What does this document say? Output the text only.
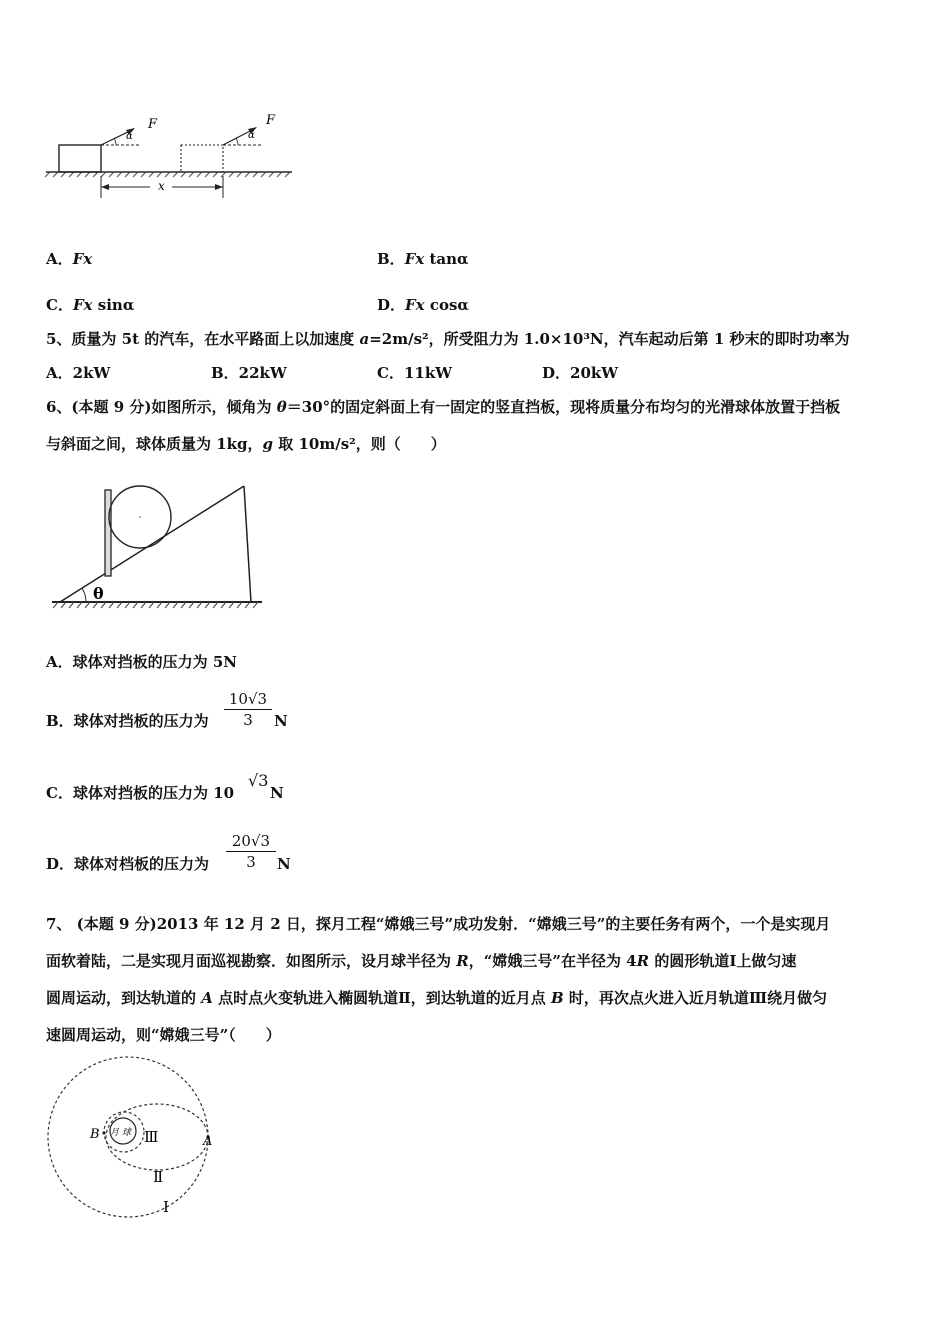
α
F
α
F
x
A．Fx	B．Fx tanα
C．Fx sinα	D．Fx cosα
5、质量为 5t 的汽车，在水平路面上以加速度 a=2m/s²，所受阻力为 1.0×10³N，汽车起动后第 1 秒末的即时功率为
A．2kW	B．22kW	C．11kW	D．20kW
6、(本题 9 分)如图所示，倾角为 θ＝30°的固定斜面上有一固定的竖直挡板，现将质量分布均匀的光滑球体放置于挡板
与斜面之间，球体质量为 1kg，g 取 10m/s²，则（　　）
θ
A．球体对挡板的压力为 5N
B．球体对挡板的压力为 $\frac{10√3}{3}$ N
C．球体对挡板的压力为 10
√3
N
D．球体对档板的压力为 $\frac{20√3}{3}$ N
7、 (本题 9 分)2013 年 12 月 2 日，探月工程“嫦娥三号”成功发射．“嫦娥三号”的主要任务有两个，一个是实现月
面软着陆，二是实现月面巡视勘察．如图所示，设月球半径为 R，“嫦娥三号”在半径为 4R 的圆形轨道Ⅰ上做匀速
圆周运动，到达轨道的 A 点时点火变轨进入椭圆轨道Ⅱ，到达轨道的近月点 B 时，再次点火进入近月轨道Ⅲ绕月做匀
速圆周运动，则“嫦娥三号”（　　）
月 球
B	A
Ⅲ
Ⅱ
Ⅰ
